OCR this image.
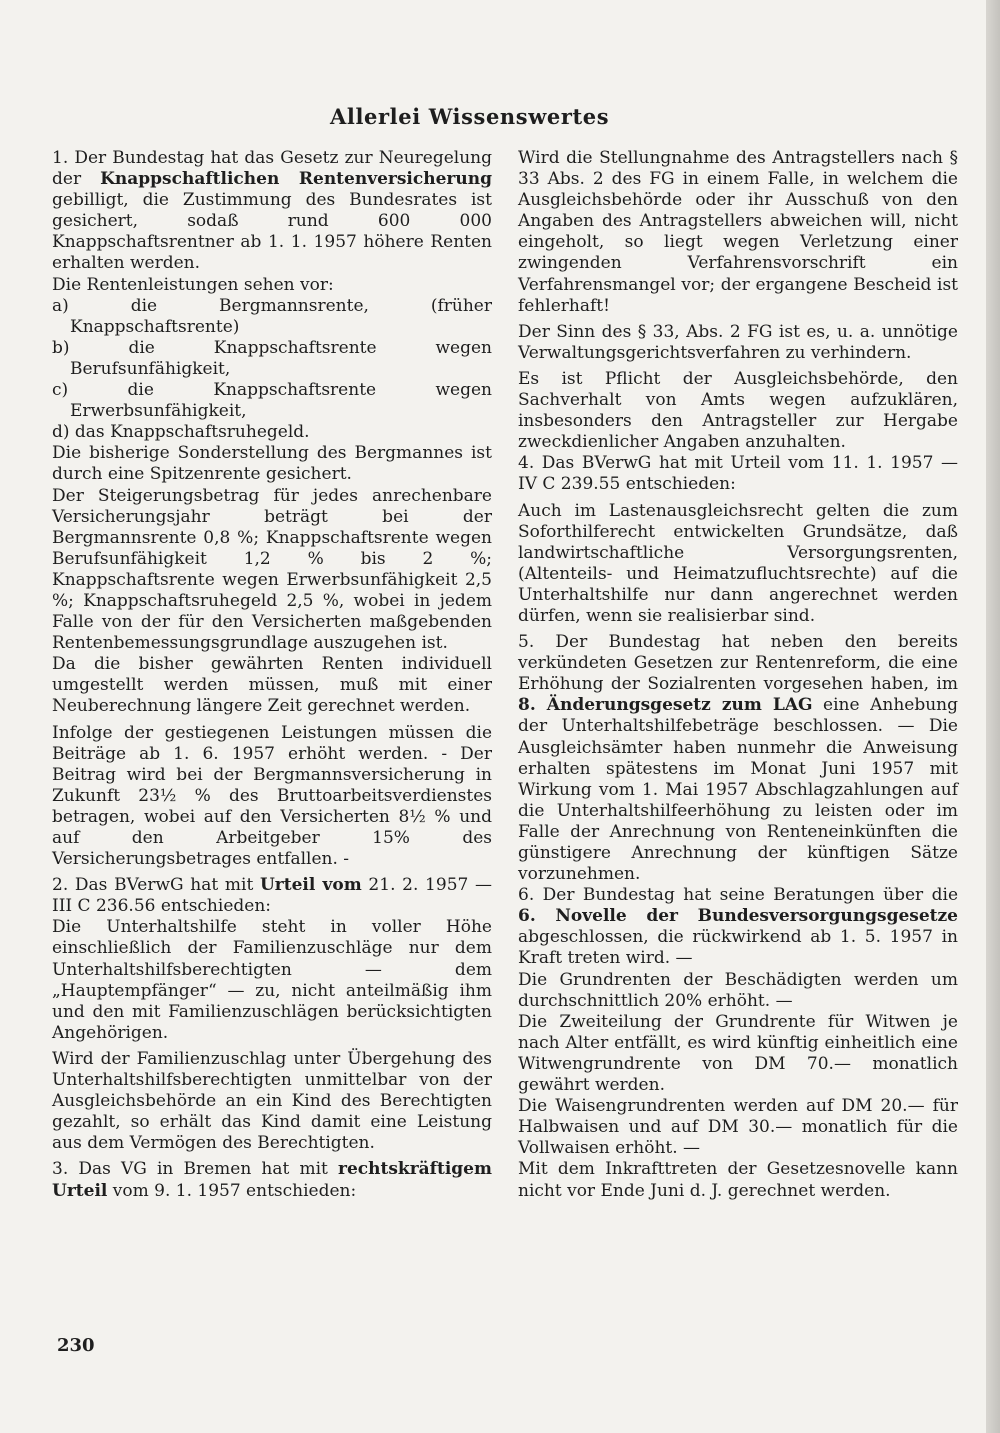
Allerlei Wissenswertes

1. Der Bundestag hat das Gesetz zur Neuregelung der Knappschaftlichen Rentenversicherung gebilligt, die Zustimmung des Bundesrates ist gesichert, sodaß rund 600 000 Knappschaftsrentner ab 1. 1. 1957 höhere Renten erhalten werden.

Die Rentenleistungen sehen vor:

a) die Bergmannsrente, (früher Knappschaftsrente)

b) die Knappschaftsrente wegen Berufsunfähigkeit,

c) die Knappschaftsrente wegen Erwerbsunfähigkeit,

d) das Knappschaftsruhegeld.

Die bisherige Sonderstellung des Bergmannes ist durch eine Spitzenrente gesichert.

Der Steigerungsbetrag für jedes anrechenbare Versicherungsjahr beträgt bei der Bergmannsrente 0,8 %; Knappschaftsrente wegen Berufsunfähigkeit 1,2 % bis 2 %; Knappschaftsrente wegen Erwerbsunfähigkeit 2,5 %; Knappschaftsruhegeld 2,5 %, wobei in jedem Falle von der für den Versicherten maßgebenden Rentenbemessungsgrundlage auszugehen ist.

Da die bisher gewährten Renten individuell umgestellt werden müssen, muß mit einer Neuberechnung längere Zeit gerechnet werden.

Infolge der gestiegenen Leistungen müssen die Beiträge ab 1. 6. 1957 erhöht werden. - Der Beitrag wird bei der Bergmannsversicherung in Zukunft 23½ % des Bruttoarbeitsverdienstes betragen, wobei auf den Versicherten 8½ % und auf den Arbeitgeber 15% des Versicherungsbetrages entfallen. -

2. Das BVerwG hat mit Urteil vom 21. 2. 1957 — III C 236.56 entschieden:

Die Unterhaltshilfe steht in voller Höhe einschließlich der Familienzuschläge nur dem Unterhaltshilfsberechtigten — dem „Hauptempfänger“ — zu, nicht anteilmäßig ihm und den mit Familienzuschlägen berücksichtigten Angehörigen.

Wird der Familienzuschlag unter Übergehung des Unterhaltshilfsberechtigten unmittelbar von der Ausgleichsbehörde an ein Kind des Berechtigten gezahlt, so erhält das Kind damit eine Leistung aus dem Vermögen des Berechtigten.

3. Das VG in Bremen hat mit rechtskräftigem Urteil vom 9. 1. 1957 entschieden:

Wird die Stellungnahme des Antragstellers nach § 33 Abs. 2 des FG in einem Falle, in welchem die Ausgleichsbehörde oder ihr Ausschuß von den Angaben des Antragstellers abweichen will, nicht eingeholt, so liegt wegen Verletzung einer zwingenden Verfahrensvorschrift ein Verfahrensmangel vor; der ergangene Bescheid ist fehlerhaft!

Der Sinn des § 33, Abs. 2 FG ist es, u. a. unnötige Verwaltungsgerichtsverfahren zu verhindern.

Es ist Pflicht der Ausgleichsbehörde, den Sachverhalt von Amts wegen aufzuklären, insbesonders den Antragsteller zur Hergabe zweckdienlicher Angaben anzuhalten.

4. Das BVerwG hat mit Urteil vom 11. 1. 1957 — IV C 239.55 entschieden:

Auch im Lastenausgleichsrecht gelten die zum Soforthilferecht entwickelten Grundsätze, daß landwirtschaftliche Versorgungsrenten, (Altenteils- und Heimatzufluchtsrechte) auf die Unterhaltshilfe nur dann angerechnet werden dürfen, wenn sie realisierbar sind.

5. Der Bundestag hat neben den bereits verkündeten Gesetzen zur Rentenreform, die eine Erhöhung der Sozialrenten vorgesehen haben, im 8. Änderungsgesetz zum LAG eine Anhebung der Unterhaltshilfebeträge beschlossen. — Die Ausgleichsämter haben nunmehr die Anweisung erhalten spätestens im Monat Juni 1957 mit Wirkung vom 1. Mai 1957 Abschlagzahlungen auf die Unterhaltshilfeerhöhung zu leisten oder im Falle der Anrechnung von Renteneinkünften die günstigere Anrechnung der künftigen Sätze vorzunehmen.

6. Der Bundestag hat seine Beratungen über die 6. Novelle der Bundesversorgungsgesetze abgeschlossen, die rückwirkend ab 1. 5. 1957 in Kraft treten wird. —

Die Grundrenten der Beschädigten werden um durchschnittlich 20% erhöht. —

Die Zweiteilung der Grundrente für Witwen je nach Alter entfällt, es wird künftig einheitlich eine Witwengrundrente von DM 70.— monatlich gewährt werden.

Die Waisengrundrenten werden auf DM 20.— für Halbwaisen und auf DM 30.— monatlich für die Vollwaisen erhöht. —

Mit dem Inkrafttreten der Gesetzesnovelle kann nicht vor Ende Juni d. J. gerechnet werden.

230
